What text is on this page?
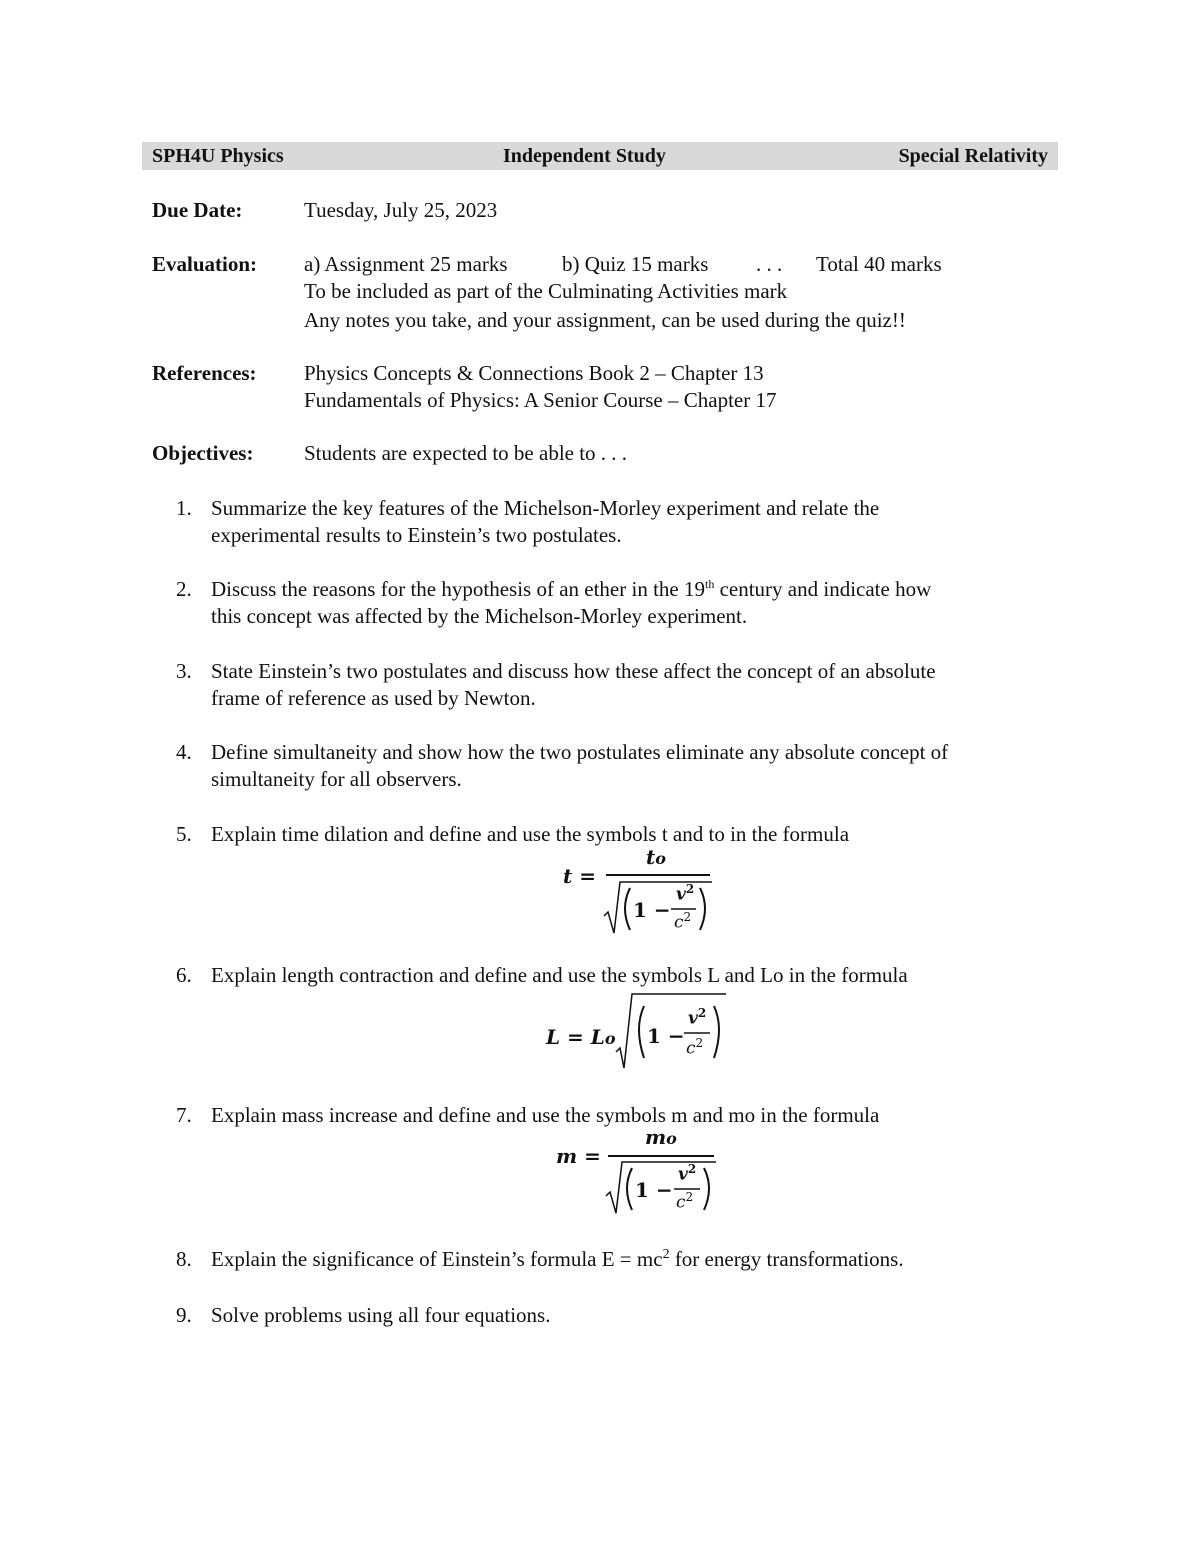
SPH4U Physics	Independent Study	Special Relativity
Due Date:	Tuesday, July 25, 2023
Evaluation: a) Assignment 25 marks	b) Quiz 15 marks . . . Total 40 marks
To be included as part of the Culminating Activities mark
Any notes you take, and your assignment, can be used during the quiz!!
References: Physics Concepts & Connections Book 2 – Chapter 13
Fundamentals of Physics: A Senior Course – Chapter 17
Objectives: Students are expected to be able to . . .
1. Summarize the key features of the Michelson-Morley experiment and relate the
experimental results to Einstein’s two postulates.
2. Discuss the reasons for the hypothesis of an ether in the 19th century and indicate how
this concept was affected by the Michelson-Morley experiment.
3. State Einstein’s two postulates and discuss how these affect the concept of an absolute
frame of reference as used by Newton.
4. Define simultaneity and show how the two postulates eliminate any absolute concept of
simultaneity for all observers.
5. Explain time dilation and define and use the symbols t and to in the formula
t =
to
1 −
$v^2$
$c^2$
6. Explain length contraction and define and use the symbols L and Lo in the formula
L = Lo 1 −
$v^2$
$c^2$
7. Explain mass increase and define and use the symbols m and mo in the formula
m =
mo
1 −
$v^2$
$c^2$
8. Explain the significance of Einstein’s formula $E = mc^2$ for energy transformations.
9. Solve problems using all four equations.
